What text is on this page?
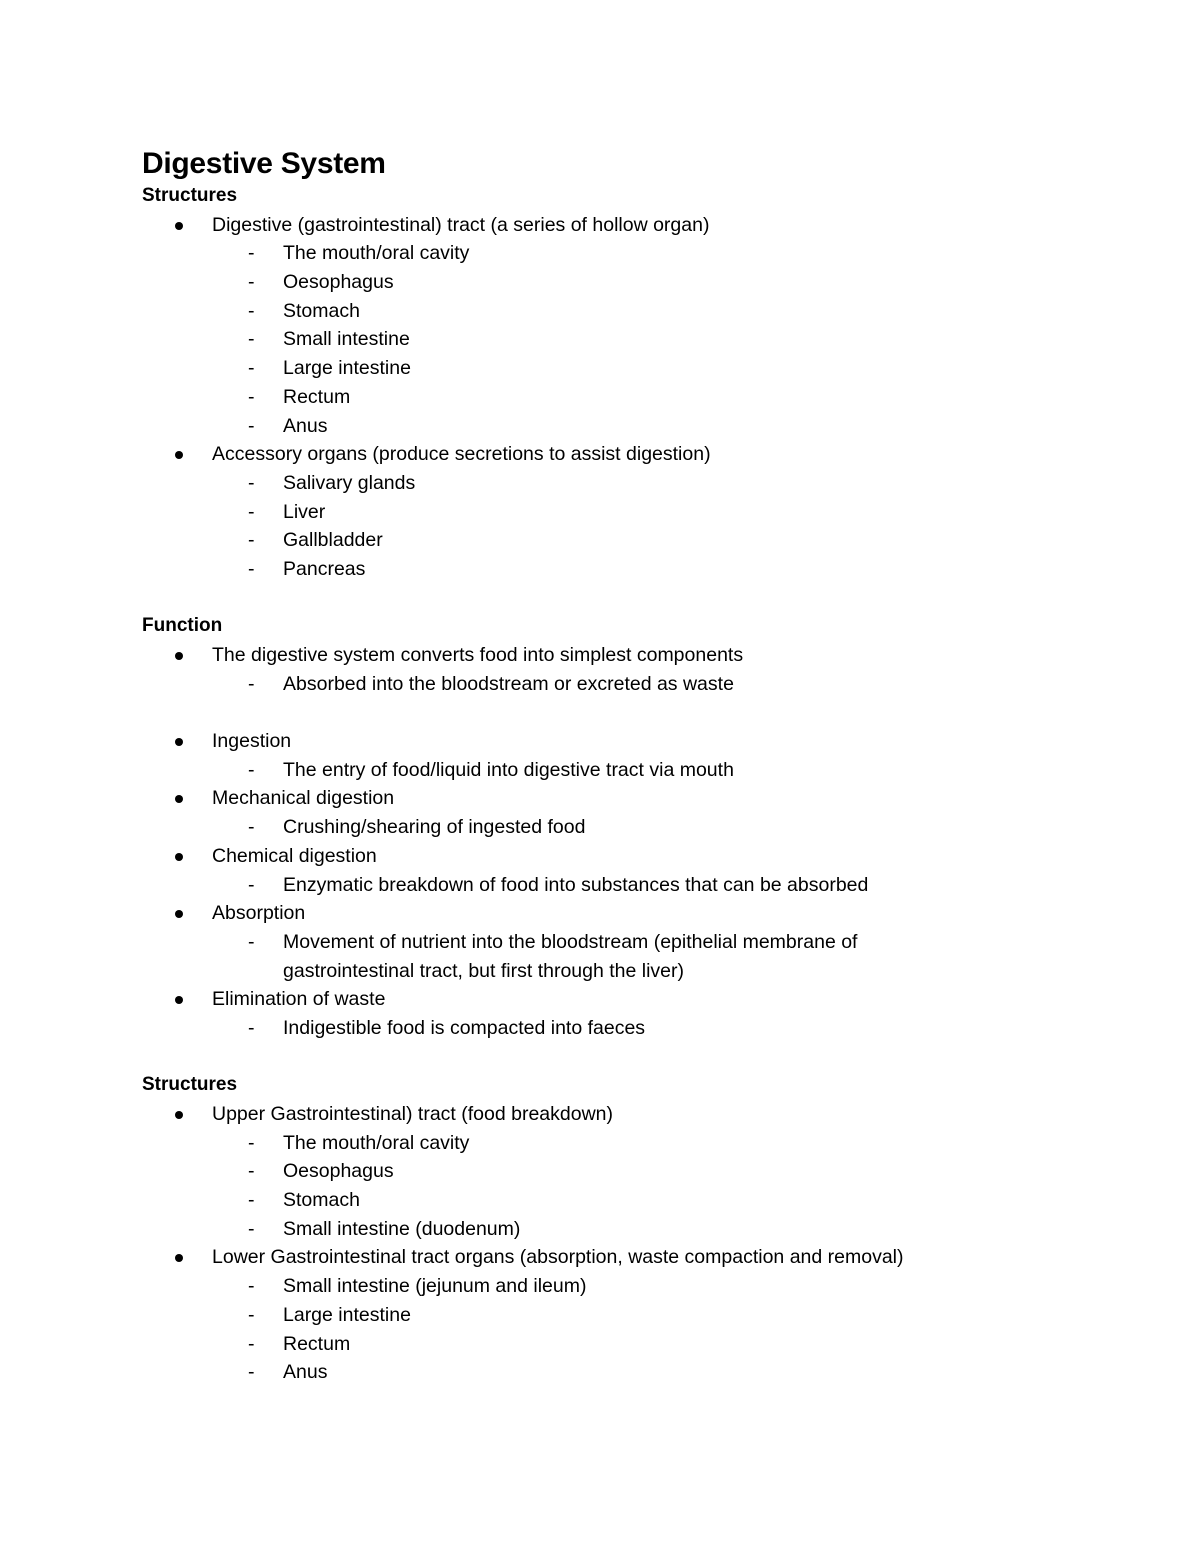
Digestive System
Structures
Digestive (gastrointestinal) tract (a series of hollow organ)
- The mouth/oral cavity
- Oesophagus
- Stomach
- Small intestine
- Large intestine
- Rectum
- Anus
Accessory organs (produce secretions to assist digestion)
- Salivary glands
- Liver
- Gallbladder
- Pancreas
Function
The digestive system converts food into simplest components
- Absorbed into the bloodstream or excreted as waste
Ingestion
- The entry of food/liquid into digestive tract via mouth
Mechanical digestion
- Crushing/shearing of ingested food
Chemical digestion
- Enzymatic breakdown of food into substances that can be absorbed
Absorption
- Movement of nutrient into the bloodstream (epithelial membrane of gastrointestinal tract, but first through the liver)
Elimination of waste
- Indigestible food is compacted into faeces
Structures
Upper Gastrointestinal) tract (food breakdown)
- The mouth/oral cavity
- Oesophagus
- Stomach
- Small intestine (duodenum)
Lower Gastrointestinal tract organs (absorption, waste compaction and removal)
- Small intestine (jejunum and ileum)
- Large intestine
- Rectum
- Anus
